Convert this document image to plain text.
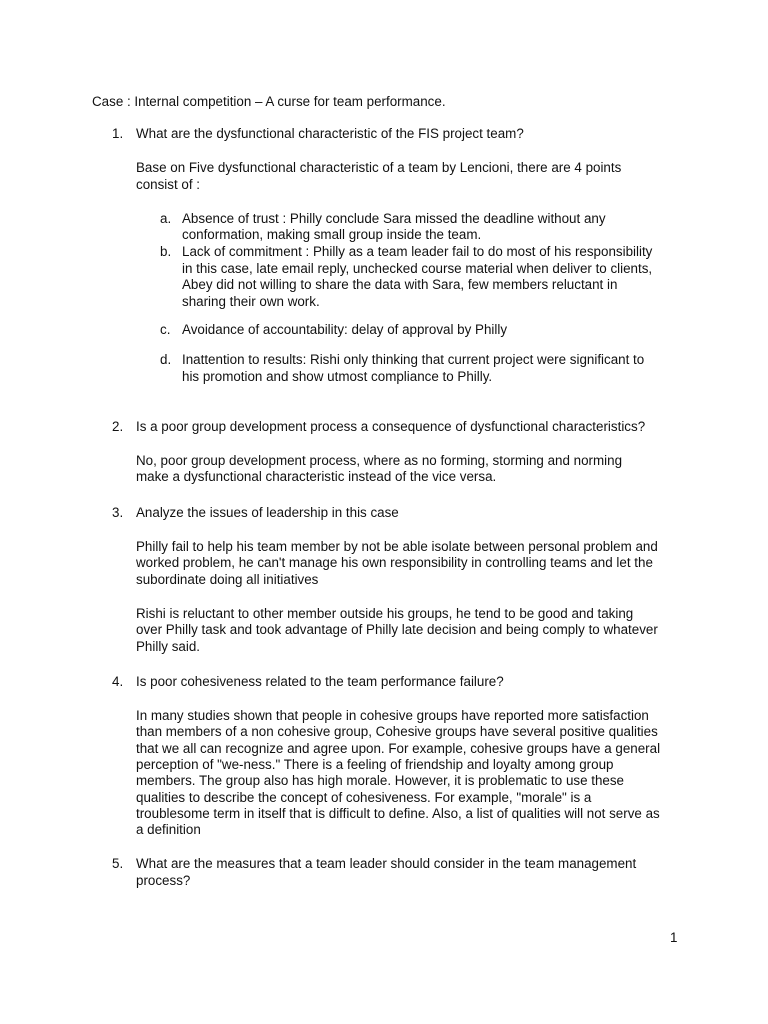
Case : Internal competition – A curse for team performance.
1. What are the dysfunctional characteristic of the FIS project team?
Base on Five dysfunctional characteristic of a team by Lencioni, there are 4 points
consist of :
a. Absence of trust : Philly conclude Sara missed the deadline without any
conformation, making small group inside the team.
b. Lack of commitment : Philly as a team leader fail to do most of his responsibility
in this case, late email reply, unchecked course material when deliver to clients,
Abey did not willing to share the data with Sara, few members reluctant in
sharing their own work.
c. Avoidance of accountability: delay of approval by Philly
d. Inattention to results: Rishi only thinking that current project were significant to
his promotion and show utmost compliance to Philly.
2. Is a poor group development process a consequence of dysfunctional characteristics?
No, poor group development process, where as no forming, storming and norming
make a dysfunctional characteristic instead of the vice versa.
3. Analyze the issues of leadership in this case
Philly fail to help his team member by not be able isolate between personal problem and
worked problem, he can't manage his own responsibility in controlling teams and let the
subordinate doing all initiatives
Rishi is reluctant to other member outside his groups, he tend to be good and taking
over Philly task and took advantage of Philly late decision and being comply to whatever
Philly said.
4. Is poor cohesiveness related to the team performance failure?
In many studies shown that people in cohesive groups have reported more satisfaction
than members of a non cohesive group, Cohesive groups have several positive qualities
that we all can recognize and agree upon. For example, cohesive groups have a general
perception of "we-ness." There is a feeling of friendship and loyalty among group
members. The group also has high morale. However, it is problematic to use these
qualities to describe the concept of cohesiveness. For example, "morale" is a
troublesome term in itself that is difficult to define. Also, a list of qualities will not serve as
a definition
5. What are the measures that a team leader should consider in the team management
process?
1
